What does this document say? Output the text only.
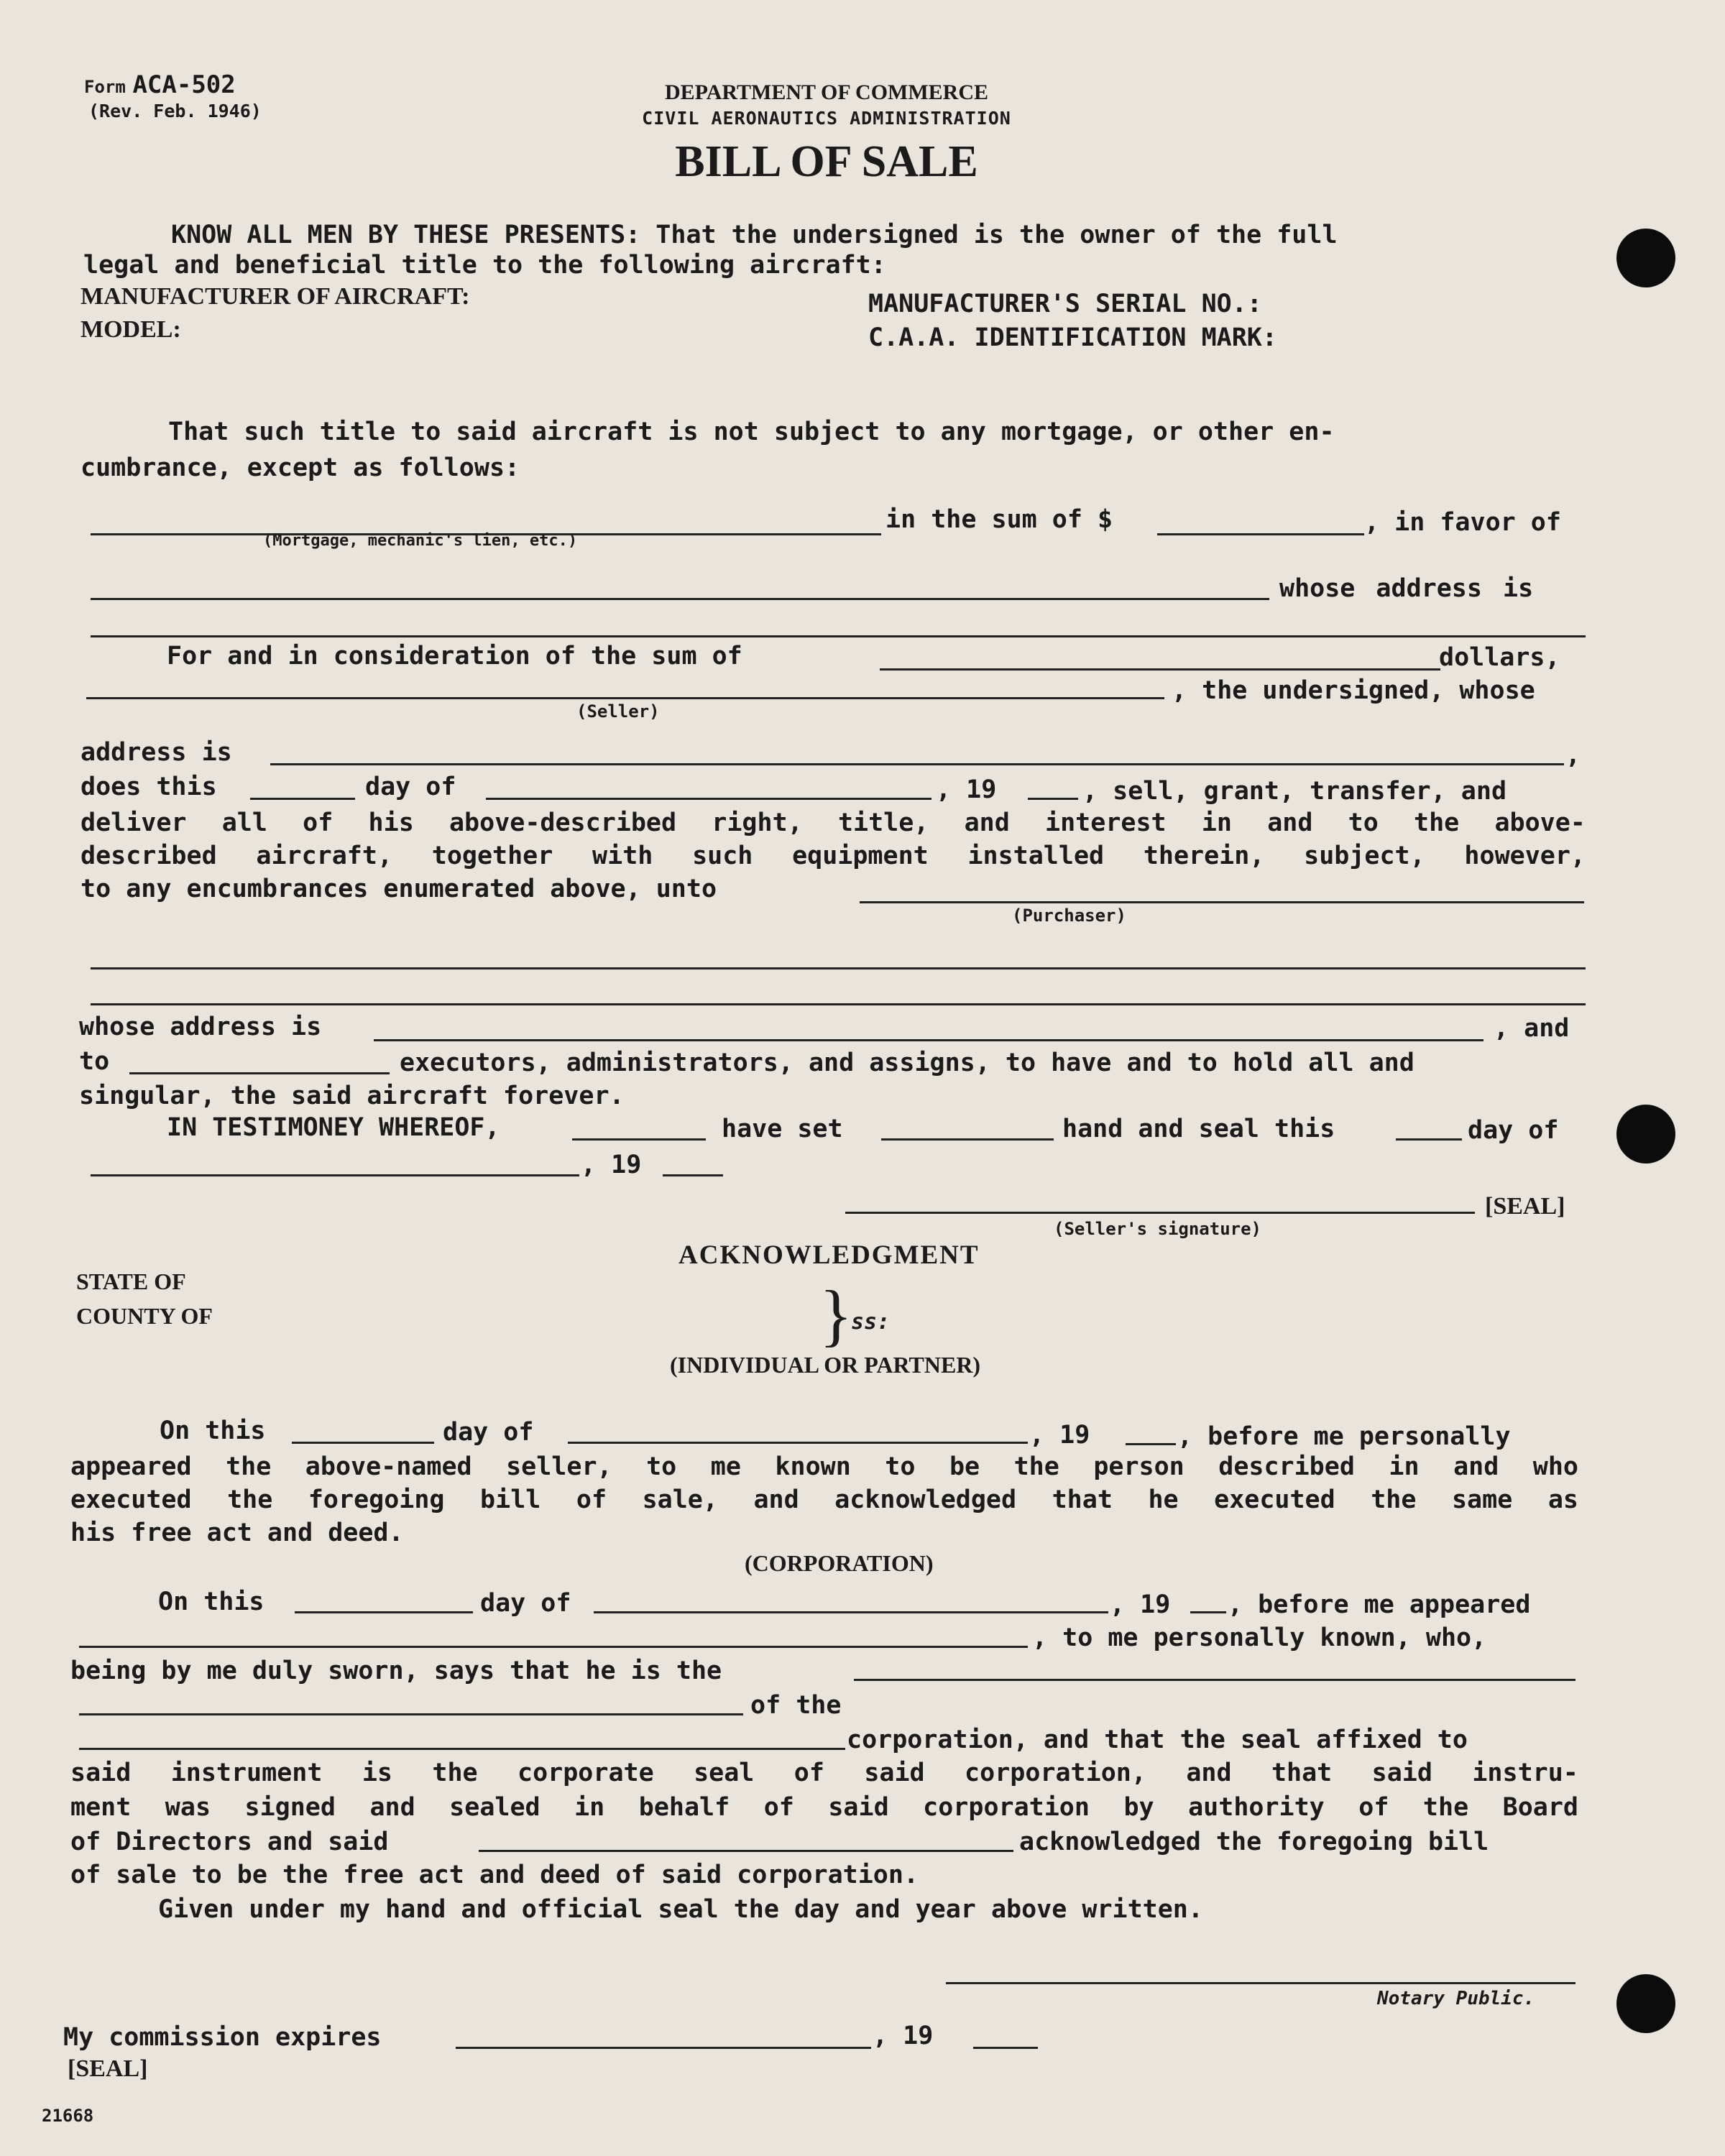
Form ACA-502
(Rev. Feb. 1946)
DEPARTMENT OF COMMERCE
CIVIL AERONAUTICS ADMINISTRATION
BILL OF SALE
KNOW ALL MEN BY THESE PRESENTS: That the undersigned is the owner of the full
legal and beneficial title to the following aircraft:
MANUFACTURER OF AIRCRAFT:	MANUFACTURER'S SERIAL NO.:
MODEL:	C.A.A. IDENTIFICATION MARK:
That such title to said aircraft is not subject to any mortgage, or other en-
cumbrance, except as follows:
in the sum of $	, in favor of
(Mortgage, mechanic's lien, etc.)
whose address is
For and in consideration of the sum of	dollars,
, the undersigned, whose
(Seller)
address is	,
does this	day of	, 19	, sell, grant, transfer, and
deliver all of his above-described right, title, and interest in and to the above-
described aircraft, together with such equipment installed therein, subject, however,
to any encumbrances enumerated above, unto
(Purchaser)
whose address is	, and
to	executors, administrators, and assigns, to have and to hold all and
singular, the said aircraft forever.
IN TESTIMONEY WHEREOF,	have set	hand and seal this	day of
, 19
[SEAL]
(Seller's signature)
ACKNOWLEDGMENT
STATE OF
COUNTY OF	}
ss:
(INDIVIDUAL OR PARTNER)
On this	day of	, 19	, before me personally
appeared the above-named seller, to me known to be the person described in and who
executed the foregoing bill of sale, and acknowledged that he executed the same as
his free act and deed.
(CORPORATION)
On this	day of	, 19 , before me appeared
, to me personally known, who,
being by me duly sworn, says that he is the
of the
corporation, and that the seal affixed to
said instrument is the corporate seal of said corporation, and that said instru-
ment was signed and sealed in behalf of said corporation by authority of the Board
of Directors and said	acknowledged the foregoing bill
of sale to be the free act and deed of said corporation.
Given under my hand and official seal the day and year above written.
Notary Public.
My commission expires	, 19
[SEAL]
21668
